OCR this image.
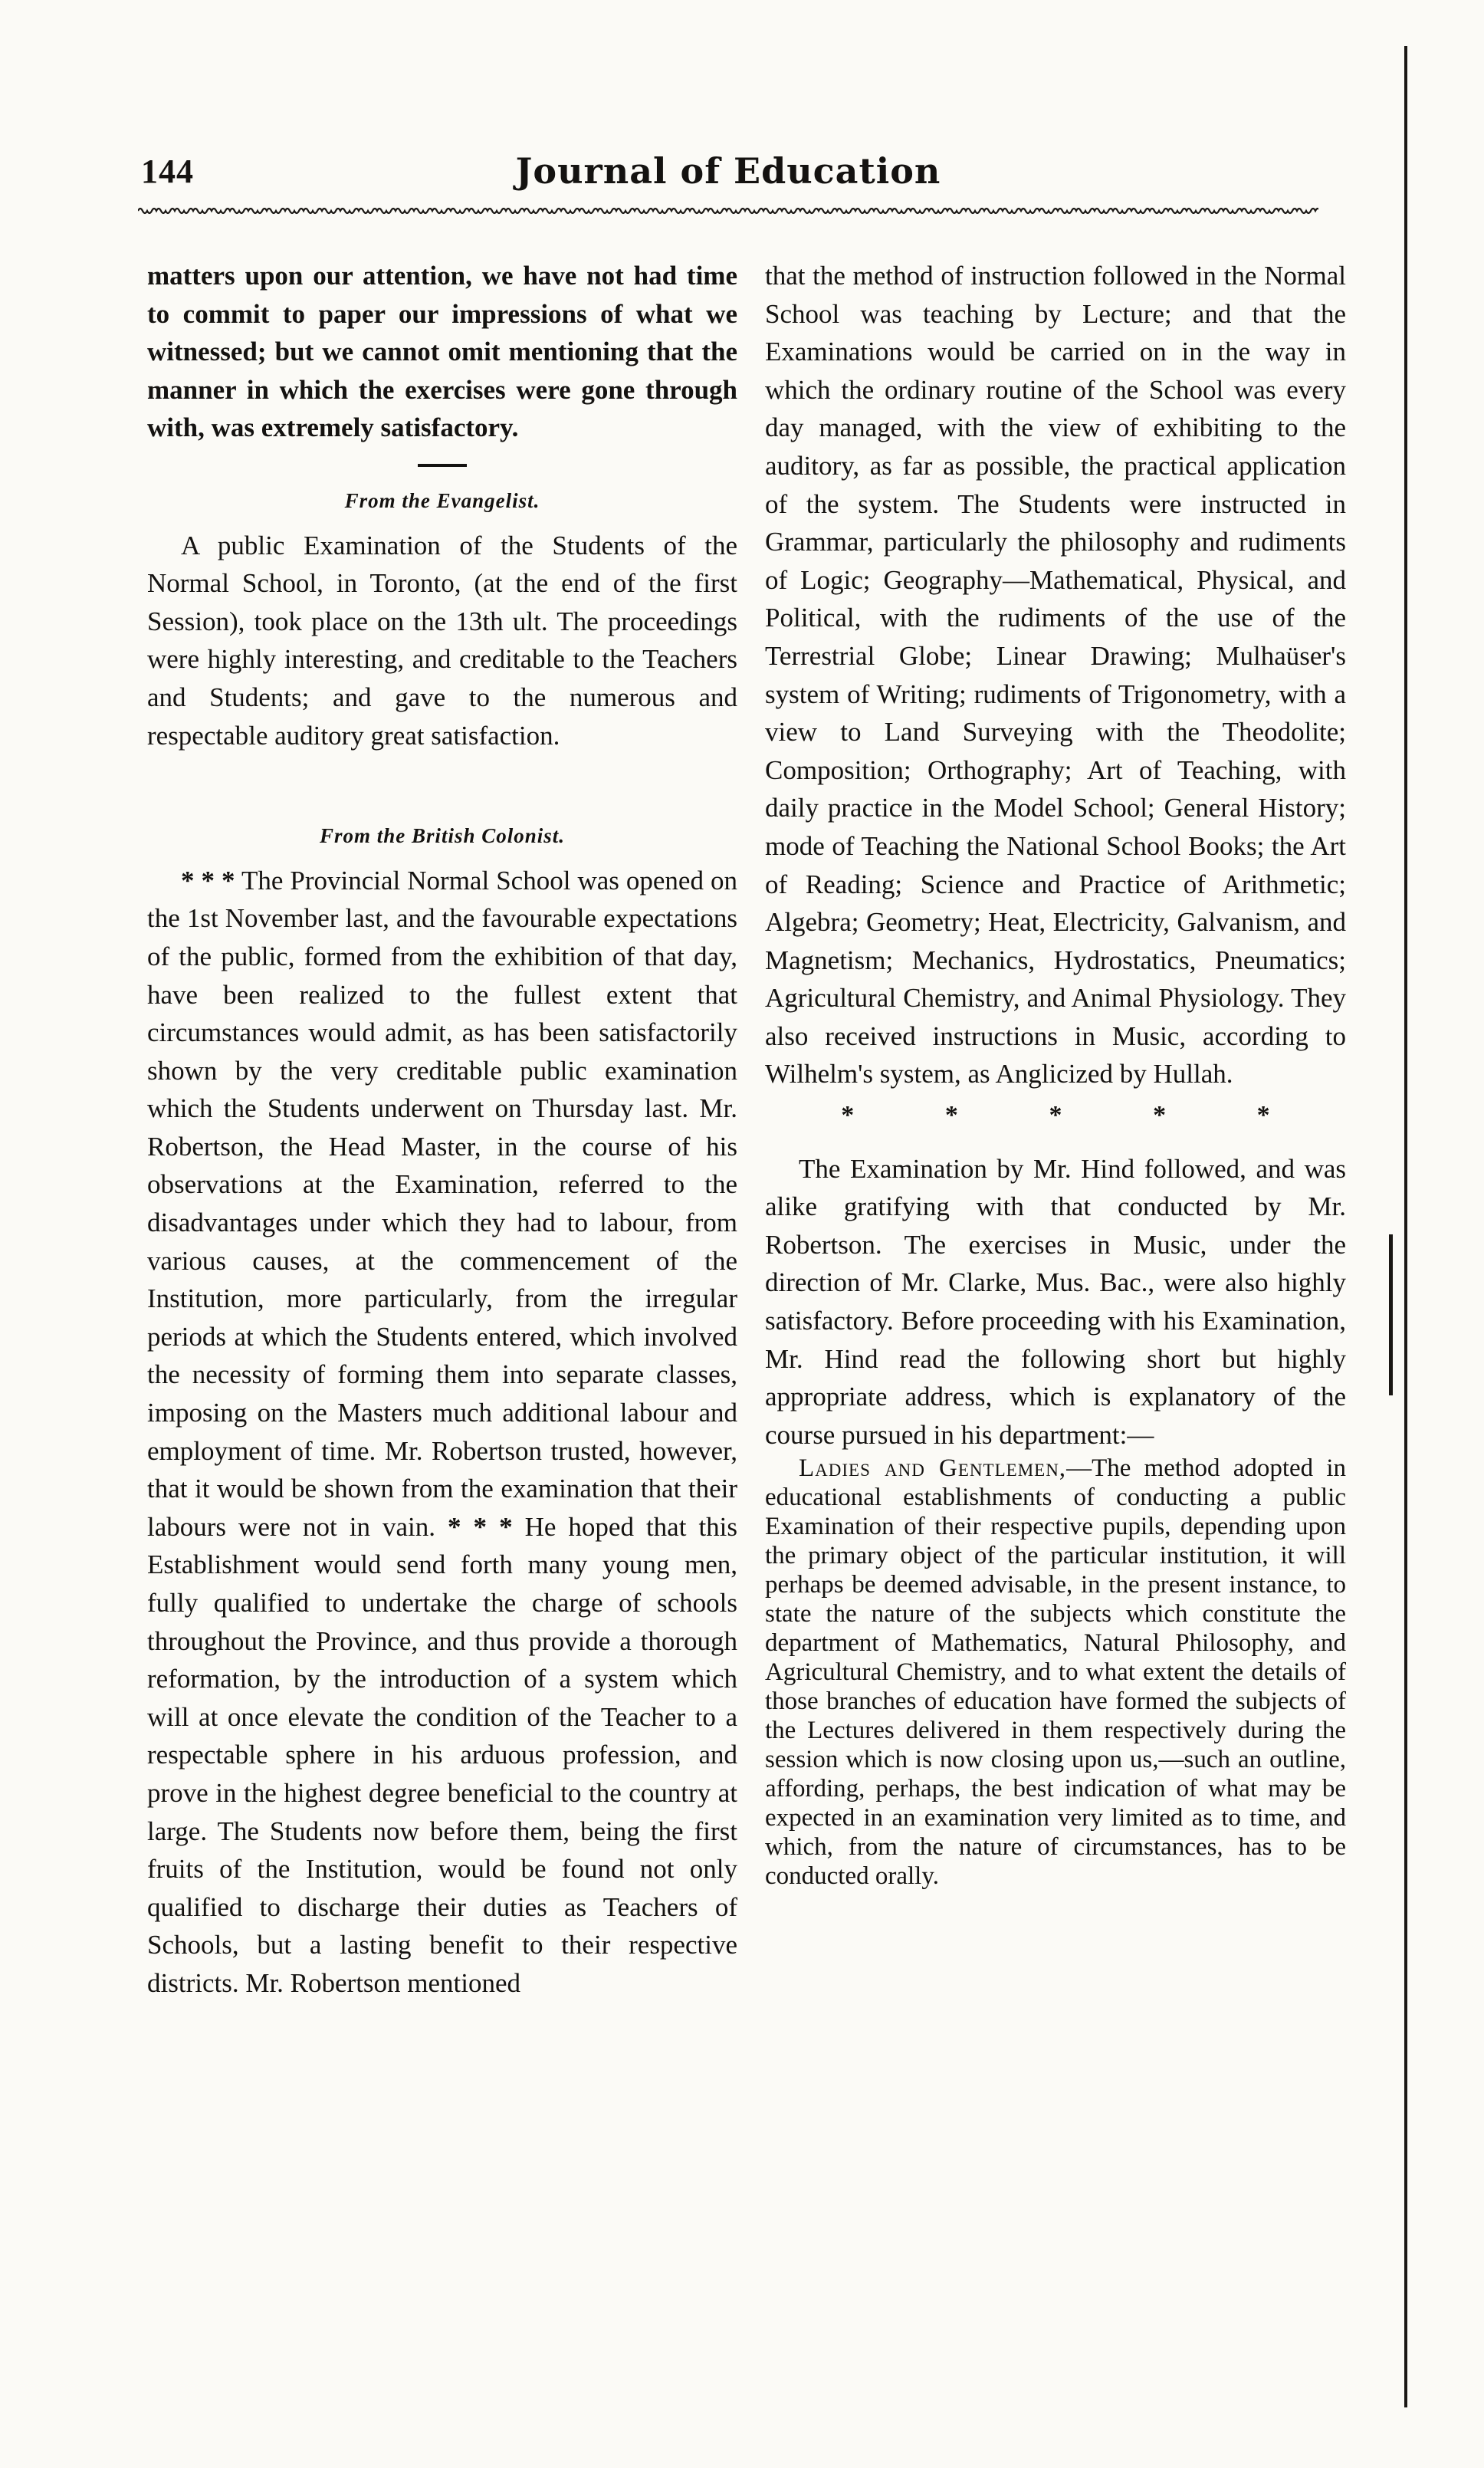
144	Journal of Education

matters upon our attention, we have not had time to commit to paper our impressions of what we witnessed; but we cannot omit mentioning that the manner in which the exercises were gone through with, was extremely satisfactory.

From the Evangelist.

A public Examination of the Students of the Normal School, in Toronto, (at the end of the first Session), took place on the 13th ult. The proceedings were highly interesting, and creditable to the Teachers and Students; and gave to the numerous and respectable auditory great satisfaction.

From the British Colonist.

* * * The Provincial Normal School was opened on the 1st November last, and the favourable expectations of the public, formed from the exhibition of that day, have been realized to the fullest extent that circumstances would admit, as has been satisfactorily shown by the very creditable public examination which the Students underwent on Thursday last. Mr. Robertson, the Head Master, in the course of his observations at the Examination, referred to the disadvantages under which they had to labour, from various causes, at the commencement of the Institution, more particularly, from the irregular periods at which the Students entered, which involved the necessity of forming them into separate classes, imposing on the Masters much additional labour and employment of time. Mr. Robertson trusted, however, that it would be shown from the examination that their labours were not in vain. * * * He hoped that this Establishment would send forth many young men, fully qualified to undertake the charge of schools throughout the Province, and thus provide a thorough reformation, by the introduction of a system which will at once elevate the condition of the Teacher to a respectable sphere in his arduous profession, and prove in the highest degree beneficial to the country at large. The Students now before them, being the first fruits of the Institution, would be found not only qualified to discharge their duties as Teachers of Schools, but a lasting benefit to their respective districts. Mr. Robertson mentioned

that the method of instruction followed in the Normal School was teaching by Lecture; and that the Examinations would be carried on in the way in which the ordinary routine of the School was every day managed, with the view of exhibiting to the auditory, as far as possible, the practical application of the system. The Students were instructed in Grammar, particularly the philosophy and rudiments of Logic; Geography—Mathematical, Physical, and Political, with the rudiments of the use of the Terrestrial Globe; Linear Drawing; Mulhaüser's system of Writing; rudiments of Trigonometry, with a view to Land Surveying with the Theodolite; Composition; Orthography; Art of Teaching, with daily practice in the Model School; General History; mode of Teaching the National School Books; the Art of Reading; Science and Practice of Arithmetic; Algebra; Geometry; Heat, Electricity, Galvanism, and Magnetism; Mechanics, Hydrostatics, Pneumatics; Agricultural Chemistry, and Animal Physiology. They also received instructions in Music, according to Wilhelm's system, as Anglicized by Hullah.

*	*	*	*	*

The Examination by Mr. Hind followed, and was alike gratifying with that conducted by Mr. Robertson. The exercises in Music, under the direction of Mr. Clarke, Mus. Bac., were also highly satisfactory. Before proceeding with his Examination, Mr. Hind read the following short but highly appropriate address, which is explanatory of the course pursued in his department:—

Ladies and Gentlemen,—The method adopted in educational establishments of conducting a public Examination of their respective pupils, depending upon the primary object of the particular institution, it will perhaps be deemed advisable, in the present instance, to state the nature of the subjects which constitute the department of Mathematics, Natural Philosophy, and Agricultural Chemistry, and to what extent the details of those branches of education have formed the subjects of the Lectures delivered in them respectively during the session which is now closing upon us,—such an outline, affording, perhaps, the best indication of what may be expected in an examination very limited as to time, and which, from the nature of circumstances, has to be conducted orally.
